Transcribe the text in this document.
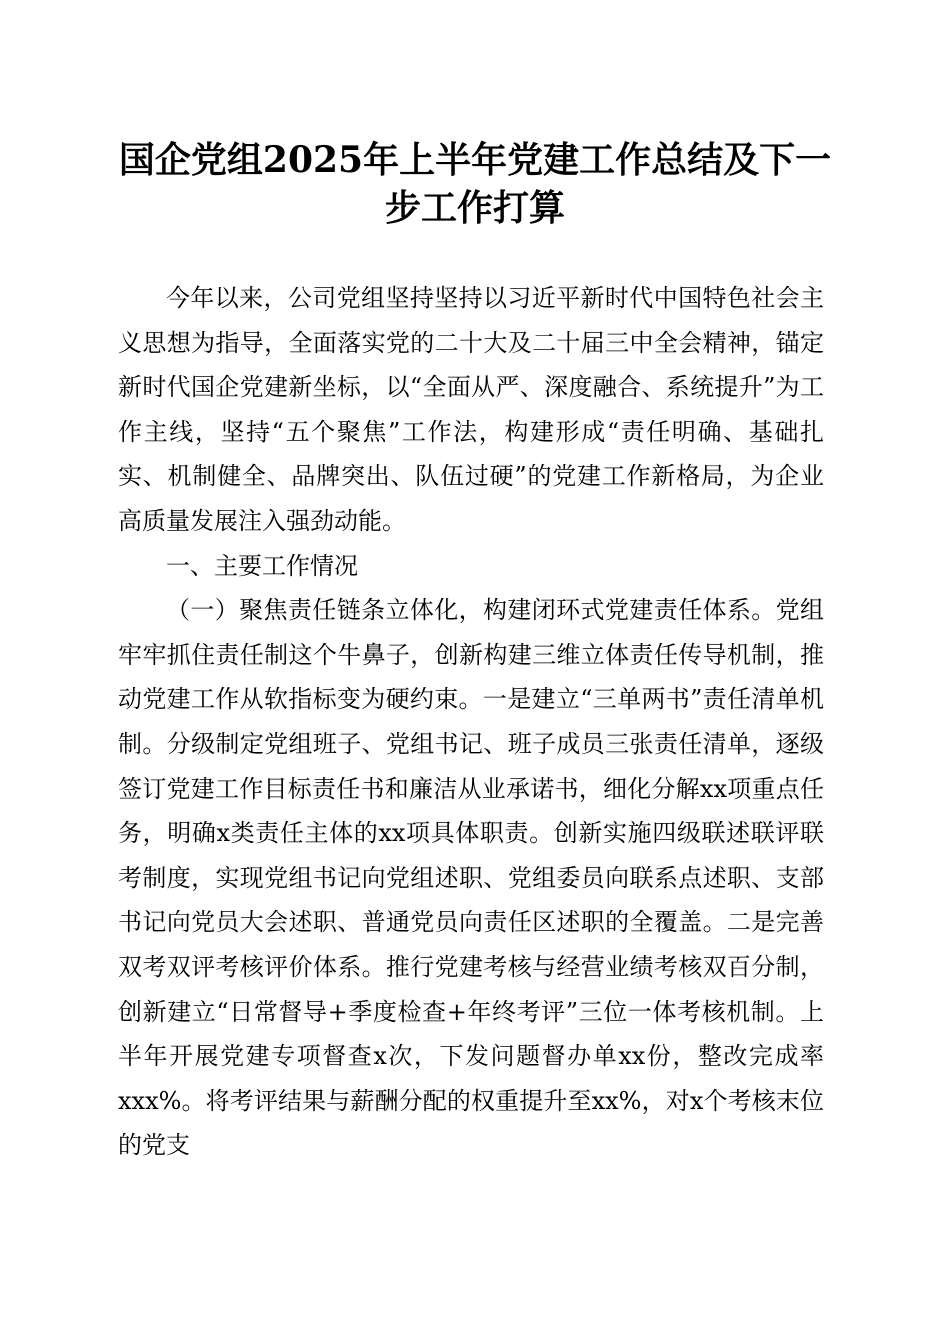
国企党组2025年上半年党建工作总结及下一步工作打算

今年以来，公司党组坚持坚持以习近平新时代中国特色社会主义思想为指导，全面落实党的二十大及二十届三中全会精神，锚定新时代国企党建新坐标，以“全面从严、深度融合、系统提升”为工作主线，坚持“五个聚焦”工作法，构建形成“责任明确、基础扎实、机制健全、品牌突出、队伍过硬”的党建工作新格局，为企业高质量发展注入强劲动能。

一、主要工作情况

（一）聚焦责任链条立体化，构建闭环式党建责任体系。党组牢牢抓住责任制这个牛鼻子，创新构建三维立体责任传导机制，推动党建工作从软指标变为硬约束。一是建立“三单两书”责任清单机制。分级制定党组班子、党组书记、班子成员三张责任清单，逐级签订党建工作目标责任书和廉洁从业承诺书，细化分解xx项重点任务，明确x类责任主体的xx项具体职责。创新实施四级联述联评联考制度，实现党组书记向党组述职、党组委员向联系点述职、支部书记向党员大会述职、普通党员向责任区述职的全覆盖。二是完善双考双评考核评价体系。推行党建考核与经营业绩考核双百分制，创新建立“日常督导+季度检查+年终考评”三位一体考核机制。上半年开展党建专项督查x次，下发问题督办单xx份，整改完成率xxx%。将考评结果与薪酬分配的权重提升至xx%，对x个考核末位的党支
